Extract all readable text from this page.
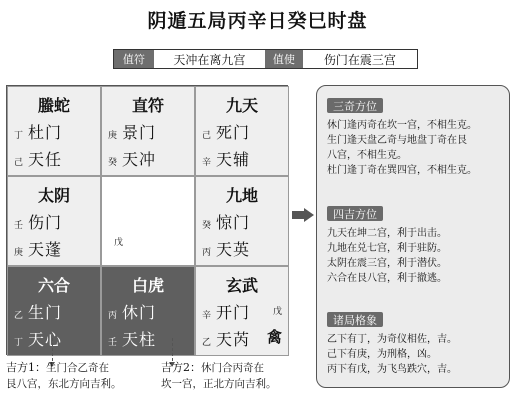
阴遁五局丙辛日癸巳时盘
值符	天冲在离九宫	值使	伤门在震三宫
螣蛇
丁 杜门
己 天任
直符
庚 景门
癸 天冲
九天
己 死门
辛 天辅
太阴
壬 伤门
庚 天蓬	戊
九地
癸 惊门
丙 天英
六合
乙 生门
丁 天心
白虎
丙 休门
壬 天柱
玄武
辛 开门	戊
乙 天芮 禽
吉方1：生门合乙奇在
艮八宫，东北方向吉利。
吉方2：休门合丙奇在
坎一宫，正北方向吉利。
三奇方位
休门逢丙奇在坎一宫，不相生克。
生门逢天盘乙奇与地盘丁奇在艮
八宫，不相生克。
杜门逢丁奇在巽四宫，不相生克。
四吉方位
九天在坤二宫，利于出击。
九地在兑七宫，利于驻防。
太阴在震三宫，利于潜伏。
六合在艮八宫，利于撤逃。
诸局格象
乙下有丁，为奇仪相佐，吉。
己下有庚，为刑格，凶。
丙下有戊，为飞鸟跌穴，吉。
